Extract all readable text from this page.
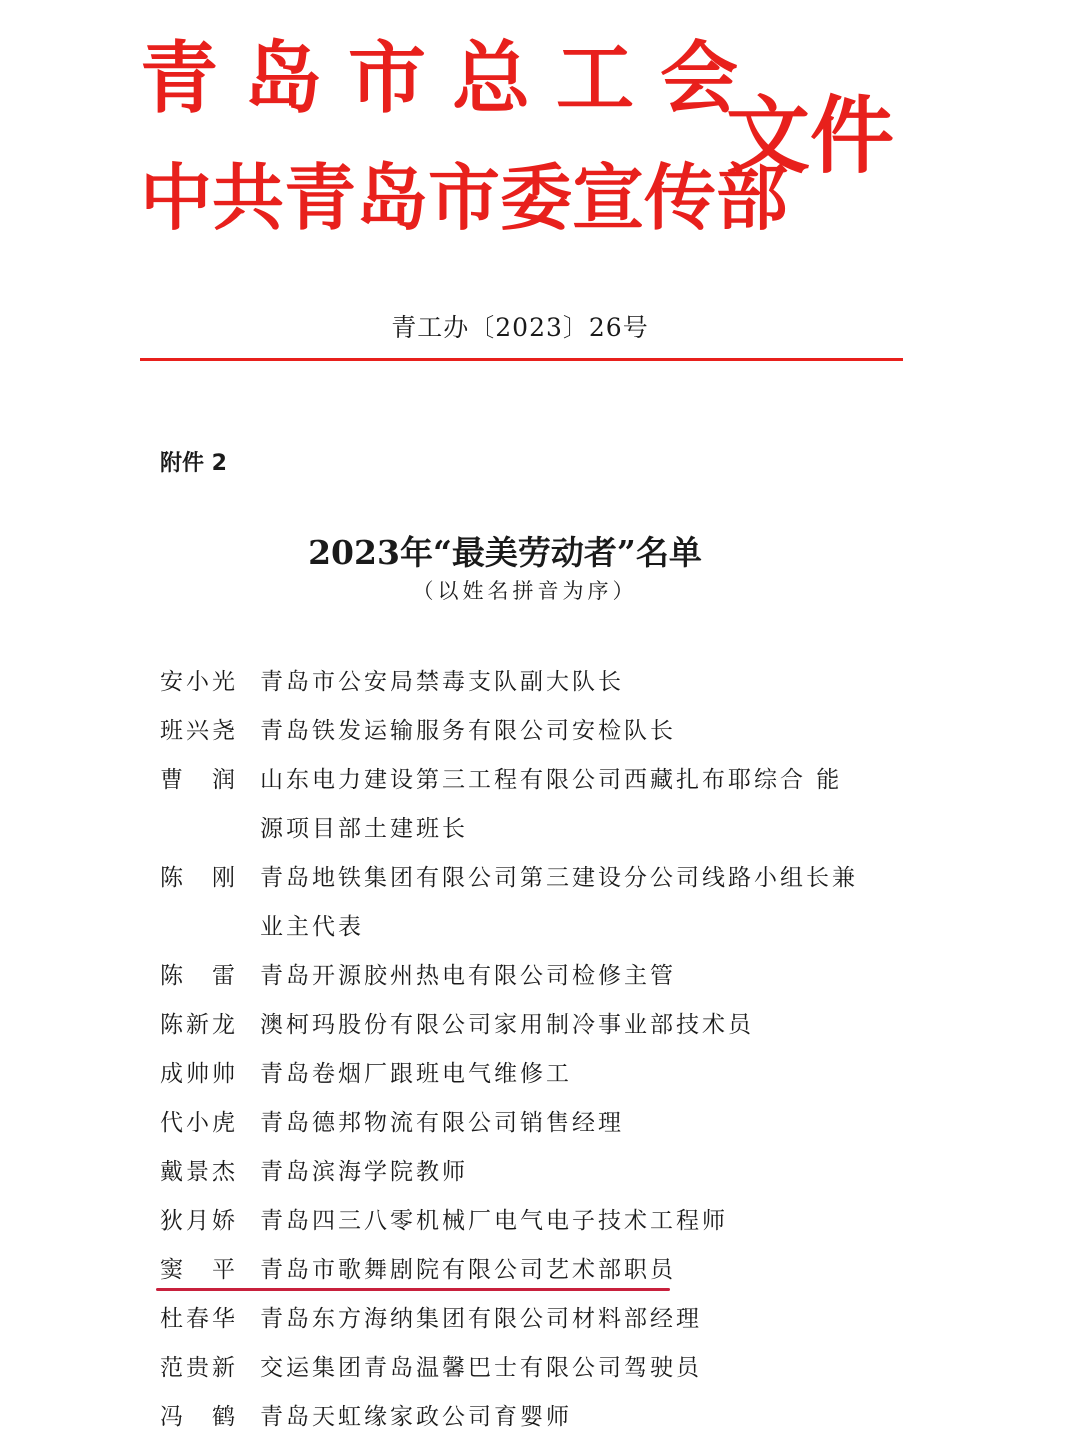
青岛市总工会
中共青岛市委宣传部
文件
青工办〔2023〕26号
附件 2
2023年“最美劳动者”名单
（以姓名拼音为序）
安小光 青岛市公安局禁毒支队副大队长
班兴尧 青岛铁发运输服务有限公司安检队长
曹　润 山东电力建设第三工程有限公司西藏扎布耶综合 能源项目部土建班长
陈　刚 青岛地铁集团有限公司第三建设分公司线路小组长兼业主代表
陈　雷 青岛开源胶州热电有限公司检修主管
陈新龙 澳柯玛股份有限公司家用制冷事业部技术员
成帅帅 青岛卷烟厂跟班电气维修工
代小虎 青岛德邦物流有限公司销售经理
戴景杰 青岛滨海学院教师
狄月娇 青岛四三八零机械厂电气电子技术工程师
窦　平 青岛市歌舞剧院有限公司艺术部职员
杜春华 青岛东方海纳集团有限公司材料部经理
范贵新 交运集团青岛温馨巴士有限公司驾驶员
冯　鹤 青岛天虹缘家政公司育婴师
